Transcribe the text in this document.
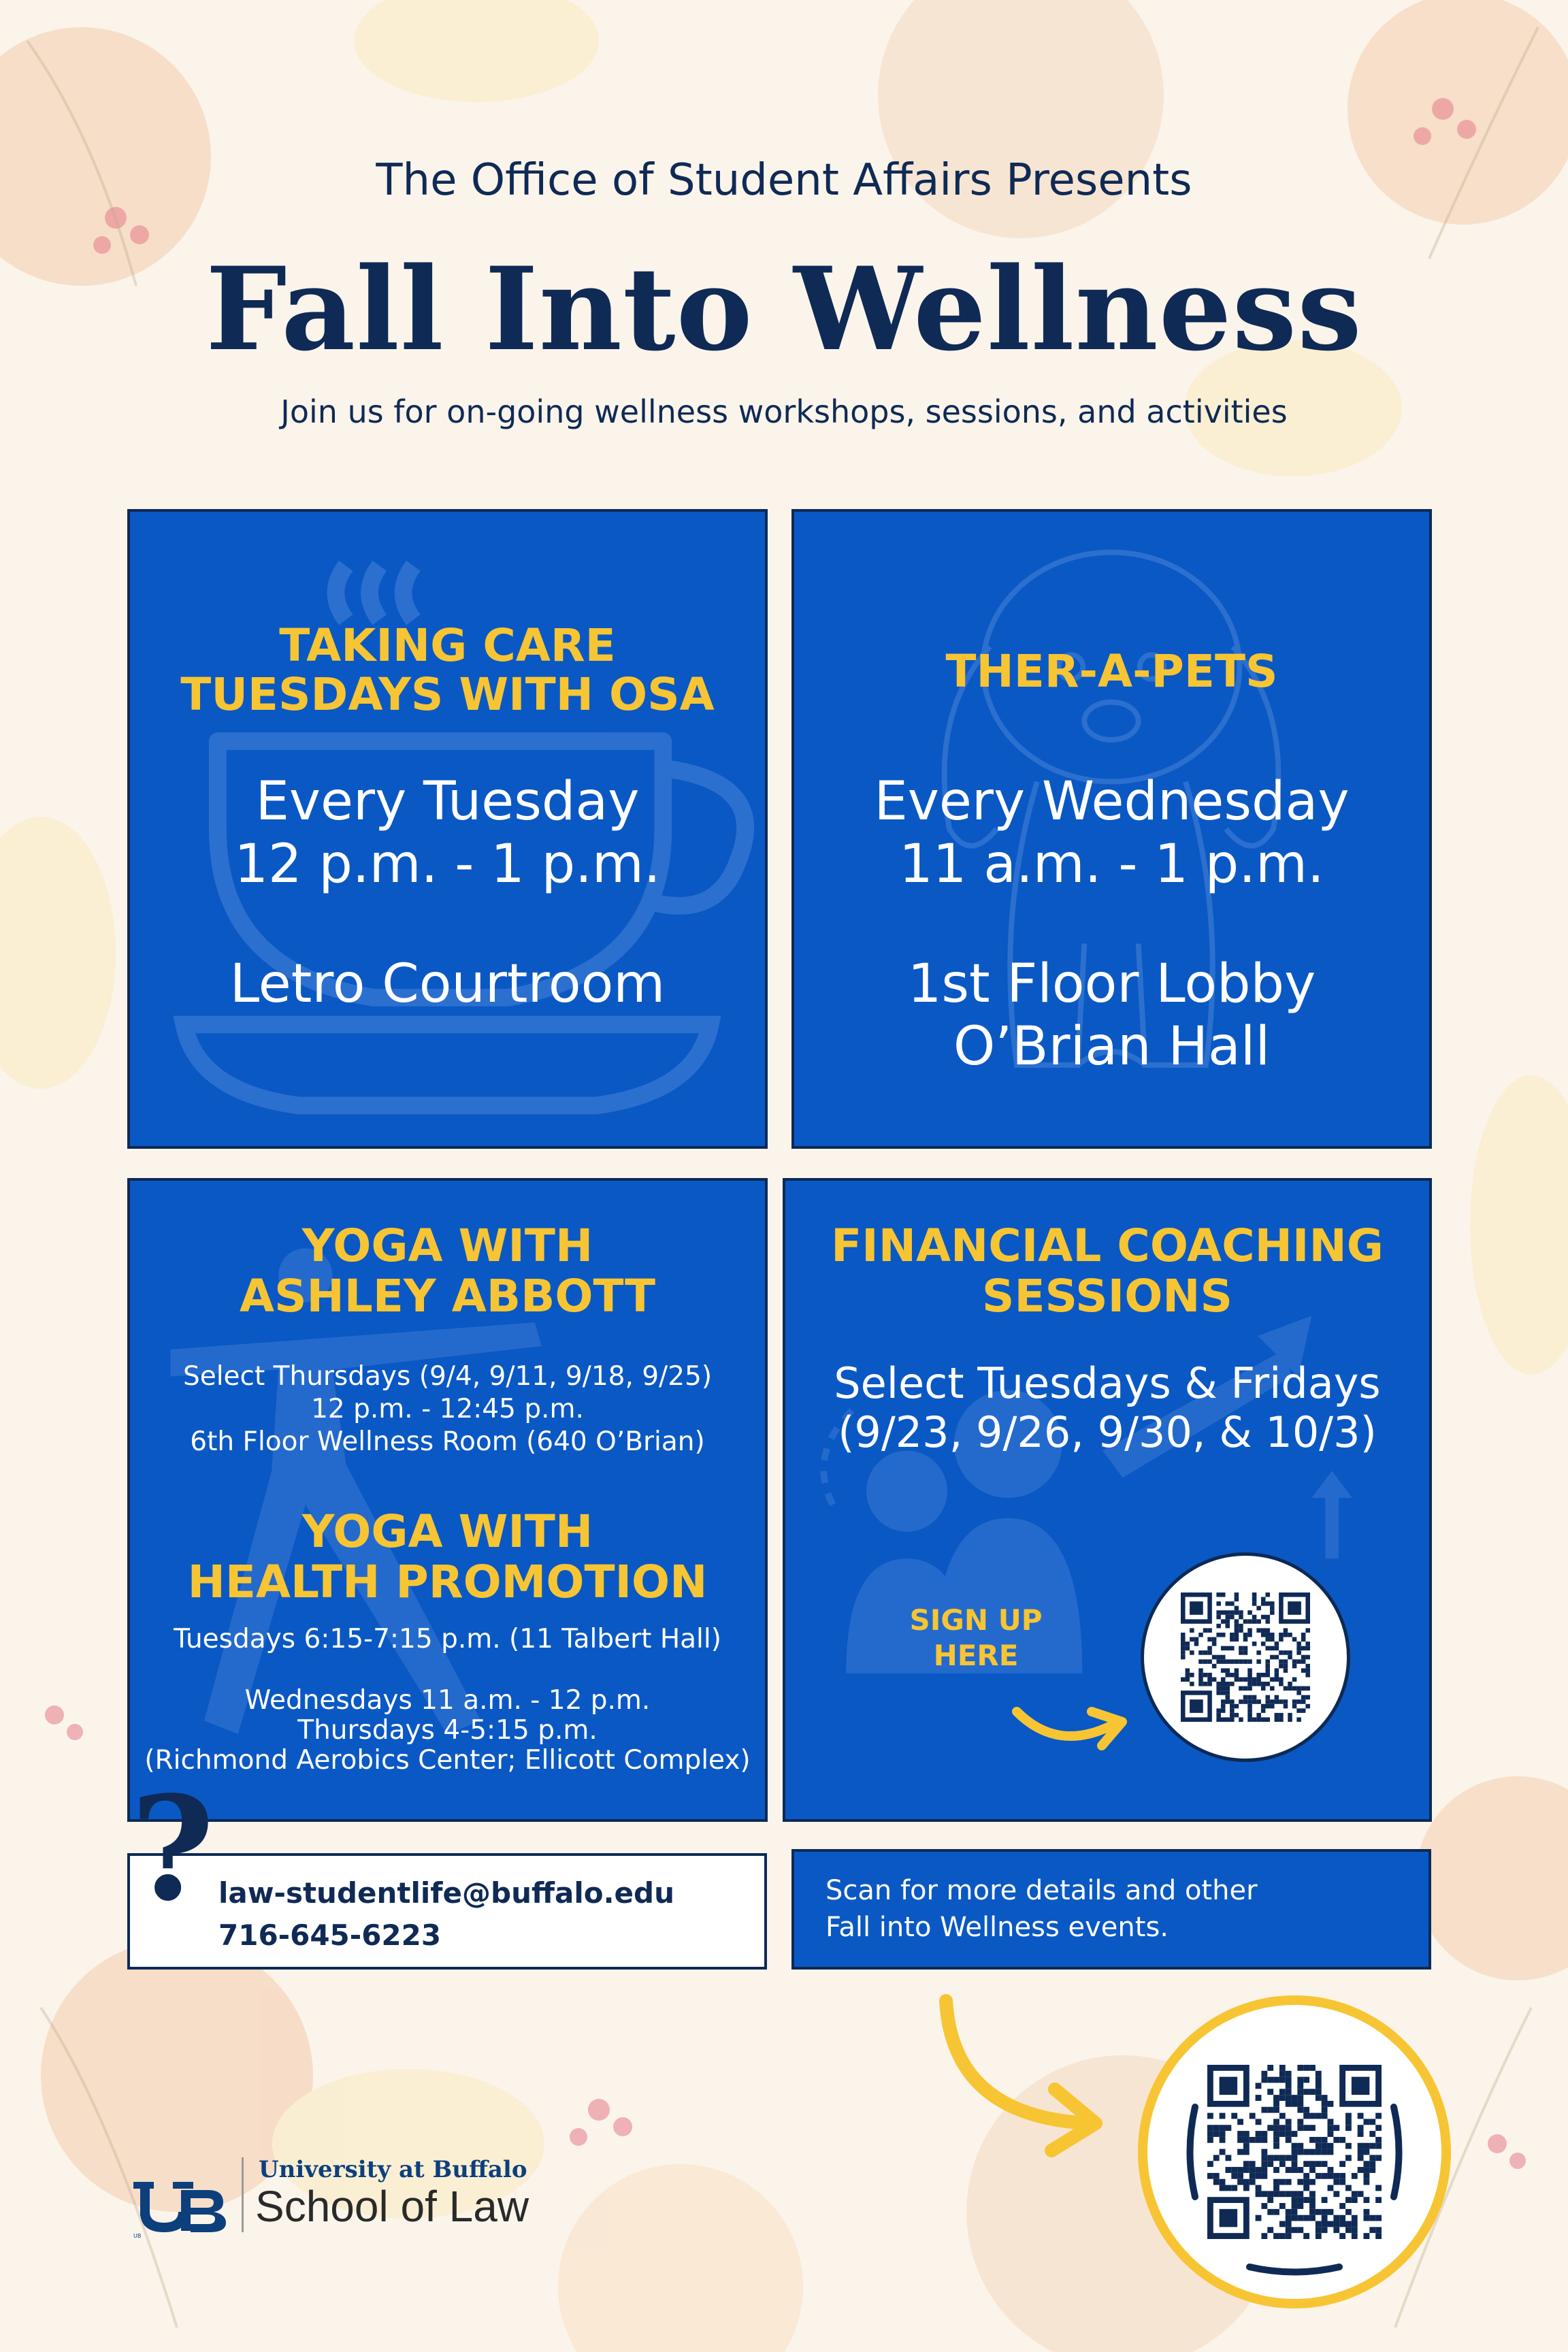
The Office of Student Affairs Presents
Fall Into Wellness
Join us for on-going wellness workshops, sessions, and activities
TAKING CARE
TUESDAYS WITH OSA
Every Tuesday
12 p.m. - 1 p.m.
Letro Courtroom
THER-A-PETS
Every Wednesday
11 a.m. - 1 p.m.
1st Floor Lobby
O’Brian Hall
YOGA WITH
ASHLEY ABBOTT
Select Thursdays (9/4, 9/11, 9/18, 9/25)
12 p.m. - 12:45 p.m.
6th Floor Wellness Room (640 O’Brian)
YOGA WITH
HEALTH PROMOTION
Tuesdays 6:15-7:15 p.m. (11 Talbert Hall)
Wednesdays 11 a.m. - 12 p.m.
Thursdays 4-5:15 p.m.
(Richmond Aerobics Center; Ellicott Complex)
FINANCIAL COACHING
SESSIONS
Select Tuesdays & Fridays
(9/23, 9/26, 9/30, & 10/3)
SIGN UP
HERE
law-studentlife@buffalo.edu
716-645-6223
?	Scan for more details and other
Fall into Wellness events.
UB
University at Buffalo
School of Law
